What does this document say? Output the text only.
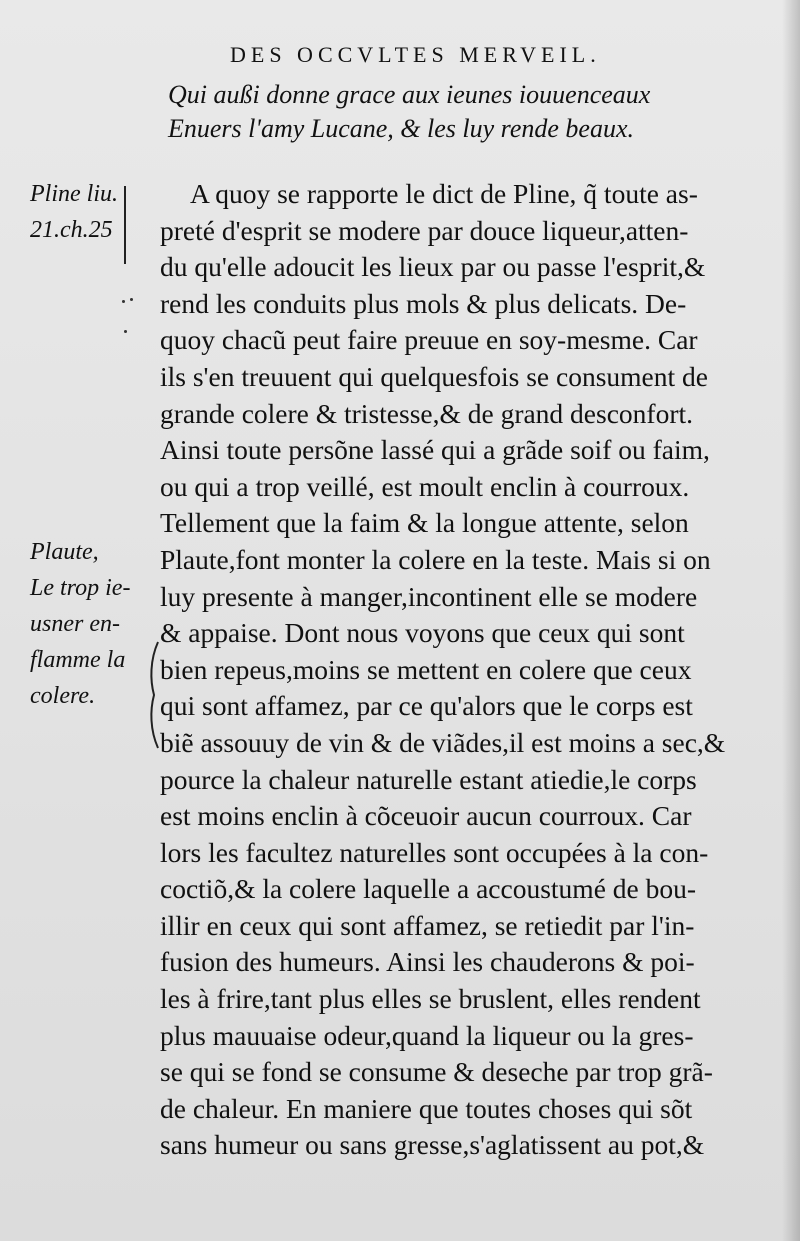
DES OCCVLTES MERVEIL.
Qui außi donne grace aux ieunes iouuenceaux
Enuers l'amy Lucane, & les luy rende beaux.
Pline liu.
21.ch.25
Plaute,
Le trop ie-
usner en-
flamme la
colere.
A quoy se rapporte le dict de Pline, q̃ toute as-
preté d'esprit se modere par douce liqueur,atten-
du qu'elle adoucit les lieux par ou passe l'esprit,&
rend les conduits plus mols & plus delicats. De-
quoy chacũ peut faire preuue en soy-mesme. Car
ils s'en treuuent qui quelquesfois se consument de
grande colere & tristesse,& de grand desconfort.
Ainsi toute persõne lassé qui a grãde soif ou faim,
ou qui a trop veillé, est moult enclin à courroux.
Tellement que la faim & la longue attente, selon
Plaute,font monter la colere en la teste. Mais si on
luy presente à manger,incontinent elle se modere
& appaise. Dont nous voyons que ceux qui sont
bien repeus,moins se mettent en colere que ceux
qui sont affamez, par ce qu'alors que le corps est
biẽ assouuy de vin & de viãdes,il est moins a sec,&
pource la chaleur naturelle estant atiedie,le corps
est moins enclin à cõceuoir aucun courroux. Car
lors les facultez naturelles sont occupées à la con-
coctiõ,& la colere laquelle a accoustumé de bou-
illir en ceux qui sont affamez, se retiedit par l'in-
fusion des humeurs. Ainsi les chauderons & poi-
les à frire,tant plus elles se bruslent, elles rendent
plus mauuaise odeur,quand la liqueur ou la gres-
se qui se fond se consume & deseche par trop grã-
de chaleur. En maniere que toutes choses qui sõt
sans humeur ou sans gresse,s'aglatissent au pot,&
